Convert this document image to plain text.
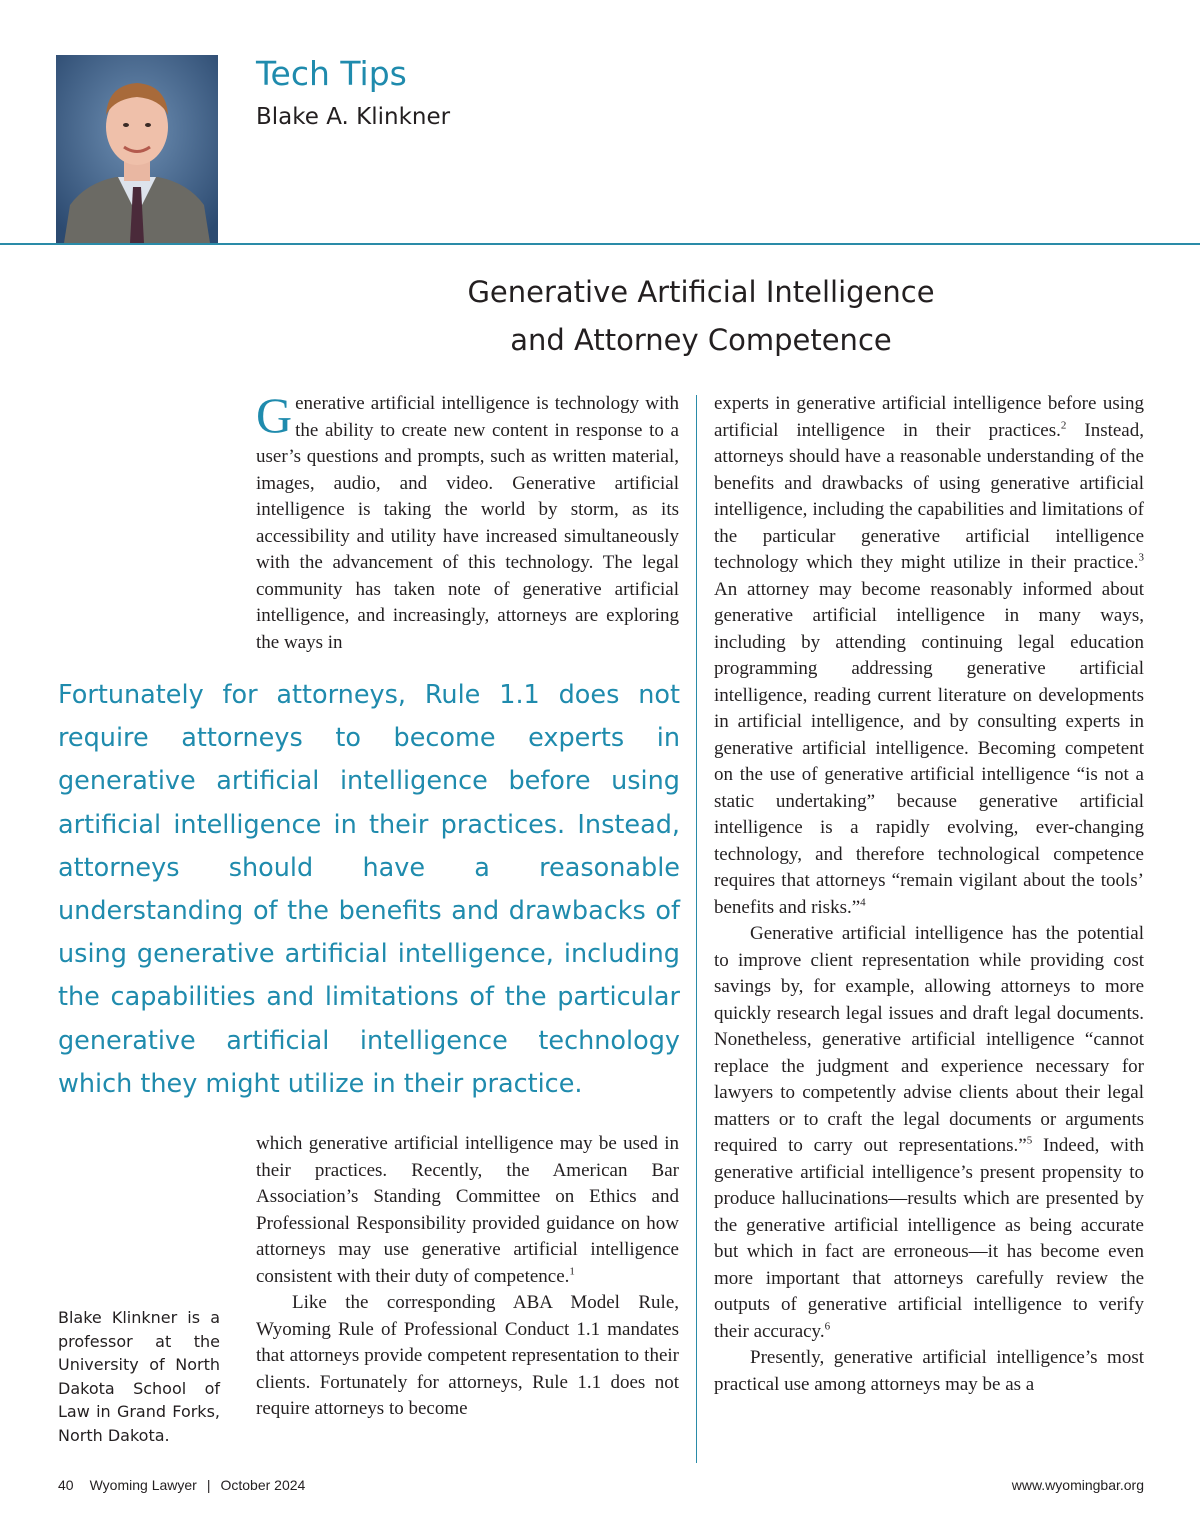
Tech Tips
Blake A. Klinkner
Generative Artificial Intelligence
and Attorney Competence

Generative artificial intelligence is technology with the ability to create new content in response to a user’s questions and prompts, such as written material, images, audio, and video. Generative artificial intelligence is taking the world by storm, as its accessibility and utility have increased simultaneously with the advancement of this technology. The legal community has taken note of generative artificial intelligence, and increasingly, attorneys are exploring the ways in

Fortunately for attorneys, Rule 1.1 does not require attorneys to become experts in generative artificial intelligence before using artificial intelligence in their practices. Instead, attorneys should have a reasonable understanding of the benefits and drawbacks of using generative artificial intelligence, including the capabilities and limitations of the particular generative artificial intelligence technology which they might utilize in their practice.

which generative artificial intelligence may be used in their practices. Recently, the American Bar Association’s Standing Committee on Ethics and Professional Responsibility provided guidance on how attorneys may use generative artificial intelligence consistent with their duty of competence.$^1$

Like the corresponding ABA Model Rule, Wyoming Rule of Professional Conduct 1.1 mandates that attorneys provide competent representation to their clients. Fortunately for attorneys, Rule 1.1 does not require attorneys to become

experts in generative artificial intelligence before using artificial intelligence in their practices.$^2$ Instead, attorneys should have a reasonable understanding of the benefits and drawbacks of using generative artificial intelligence, including the capabilities and limitations of the particular generative artificial intelligence technology which they might utilize in their practice.$^3$ An attorney may become reasonably informed about generative artificial intelligence in many ways, including by attending continuing legal education programming addressing generative artificial intelligence, reading current literature on developments in artificial intelligence, and by consulting experts in generative artificial intelligence. Becoming competent on the use of generative artificial intelligence “is not a static undertaking” because generative artificial intelligence is a rapidly evolving, ever-changing technology, and therefore technological competence requires that attorneys “remain vigilant about the tools’ benefits and risks.”$^4$

Generative artificial intelligence has the potential to improve client representation while providing cost savings by, for example, allowing attorneys to more quickly research legal issues and draft legal documents. Nonetheless, generative artificial intelligence “cannot replace the judgment and experience necessary for lawyers to competently advise clients about their legal matters or to craft the legal documents or arguments required to carry out representations.”$^5$ Indeed, with generative artificial intelligence’s present propensity to produce hallucinations—results which are presented by the generative artificial intelligence as being accurate but which in fact are erroneous—it has become even more important that attorneys carefully review the outputs of generative artificial intelligence to verify their accuracy.$^6$

Presently, generative artificial intelligence’s most practical use among attorneys may be as a

Blake Klinkner is a professor at the University of North Dakota School of Law in Grand Forks, North Dakota.
40 Wyoming Lawyer | October 2024	www.wyomingbar.org
